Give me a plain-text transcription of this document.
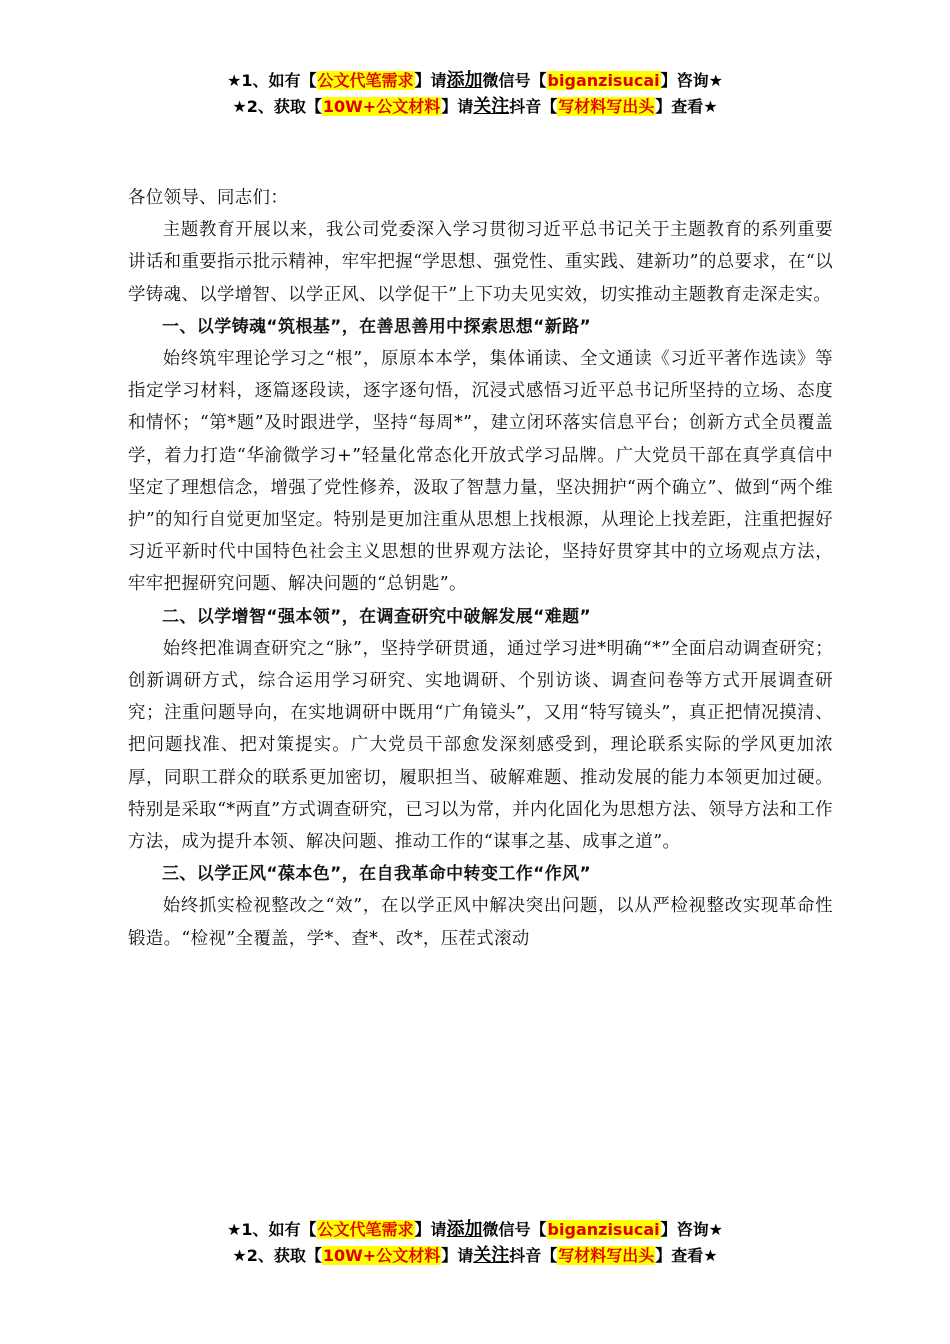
★1、如有【公文代笔需求】请添加微信号【biganzisucai】咨询★
★2、获取【10W+公文材料】请关注抖音【写材料写出头】查看★

各位领导、同志们：

主题教育开展以来，我公司党委深入学习贯彻习近平总书记关于主题教育的系列重要讲话和重要指示批示精神，牢牢把握“学思想、强党性、重实践、建新功”的总要求，在“以学铸魂、以学增智、以学正风、以学促干”上下功夫见实效，切实推动主题教育走深走实。

一、以学铸魂“筑根基”，在善思善用中探索思想“新路”

始终筑牢理论学习之“根”，原原本本学，集体诵读、全文通读《习近平著作选读》等指定学习材料，逐篇逐段读，逐字逐句悟，沉浸式感悟习近平总书记所坚持的立场、态度和情怀；“第*题”及时跟进学，坚持“每周*”，建立闭环落实信息平台；创新方式全员覆盖学，着力打造“华渝微学习+”轻量化常态化开放式学习品牌。广大党员干部在真学真信中坚定了理想信念，增强了党性修养，汲取了智慧力量，坚决拥护“两个确立”、做到“两个维护”的知行自觉更加坚定。特别是更加注重从思想上找根源，从理论上找差距，注重把握好习近平新时代中国特色社会主义思想的世界观方法论，坚持好贯穿其中的立场观点方法，牢牢把握研究问题、解决问题的“总钥匙”。

二、以学增智“强本领”，在调查研究中破解发展“难题”

始终把准调查研究之“脉”，坚持学研贯通，通过学习进*明确“*”全面启动调查研究；创新调研方式，综合运用学习研究、实地调研、个别访谈、调查问卷等方式开展调查研究；注重问题导向，在实地调研中既用“广角镜头”，又用“特写镜头”，真正把情况摸清、把问题找准、把对策提实。广大党员干部愈发深刻感受到，理论联系实际的学风更加浓厚，同职工群众的联系更加密切，履职担当、破解难题、推动发展的能力本领更加过硬。特别是采取“*两直”方式调查研究，已习以为常，并内化固化为思想方法、领导方法和工作方法，成为提升本领、解决问题、推动工作的“谋事之基、成事之道”。

三、以学正风“葆本色”，在自我革命中转变工作“作风”

始终抓实检视整改之“效”，在以学正风中解决突出问题，以从严检视整改实现革命性锻造。“检视”全覆盖，学*、查*、改*，压茬式滚动

★1、如有【公文代笔需求】请添加微信号【biganzisucai】咨询★
★2、获取【10W+公文材料】请关注抖音【写材料写出头】查看★
